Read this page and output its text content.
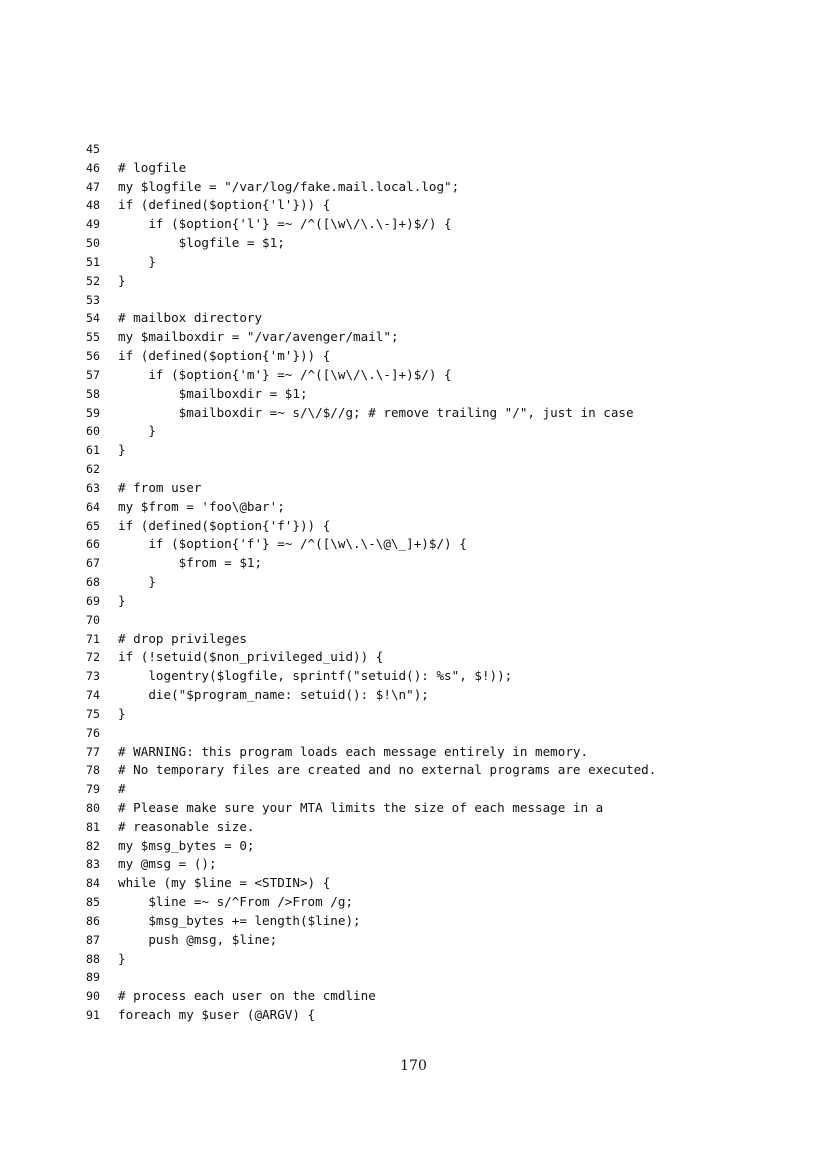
45
46 # logfile
47 my $logfile = "/var/log/fake.mail.local.log";
48 if (defined($option{'l'})) {
49    if ($option{'l'} =~ /^([\w\/\.\-]+)$/) {
50        $logfile = $1;
51    }
52 }
53
54 # mailbox directory
55 my $mailboxdir = "/var/avenger/mail";
56 if (defined($option{'m'})) {
57    if ($option{'m'} =~ /^([\w\/\.\-]+)$/) {
58        $mailboxdir = $1;
59        $mailboxdir =~ s/\/$//g; # remove trailing "/", just in case
60    }
61 }
62
63 # from user
64 my $from = 'foo\@bar';
65 if (defined($option{'f'})) {
66    if ($option{'f'} =~ /^([\w\.\-\@\_]+)$/) {
67        $from = $1;
68    }
69 }
70
71 # drop privileges
72 if (!setuid($non_privileged_uid)) {
73    logentry($logfile, sprintf("setuid(): %s", $!));
74    die("$program_name: setuid(): $!\n");
75 }
76
77 # WARNING: this program loads each message entirely in memory.
78 # No temporary files are created and no external programs are executed.
79 #
80 # Please make sure your MTA limits the size of each message in a
81 # reasonable size.
82 my $msg_bytes = 0;
83 my @msg = ();
84 while (my $line = <STDIN>) {
85    $line =~ s/^From />From /g;
86    $msg_bytes += length($line);
87    push @msg, $line;
88 }
89
90 # process each user on the cmdline
91 foreach my $user (@ARGV) {
170
